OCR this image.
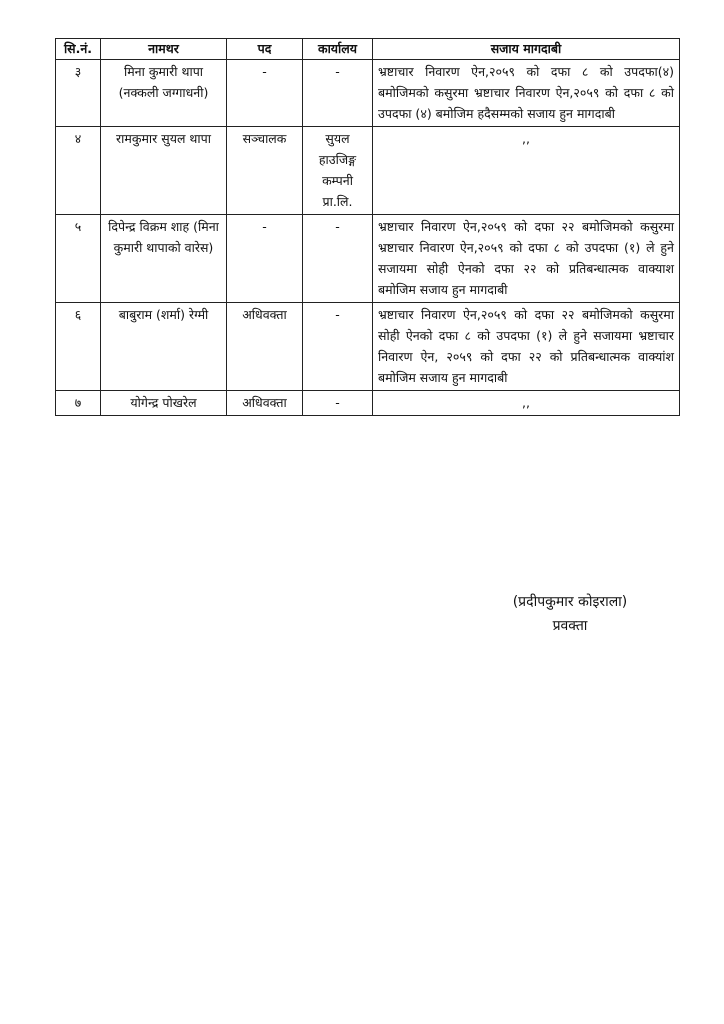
सि.नं.	नामथर	पद	कार्यालय	सजाय मागदाबी
३	मिना कुमारी थापा (नक्कली जग्गाधनी)	-	-	भ्रष्टाचार निवारण ऐन,२०५९ को दफा ८ को उपदफा(४) बमोजिमको कसुरमा भ्रष्टाचार निवारण ऐन,२०५९ को दफा ८ को उपदफा (४) बमोजिम हदैसम्मको सजाय हुन मागदाबी
४	रामकुमार सुयल थापा	सञ्चालक	सुयल हाउजिङ्ग कम्पनी प्रा.लि.	,,
५	दिपेन्द्र विक्रम शाह (मिना कुमारी थापाको वारेस)	-	-	भ्रष्टाचार निवारण ऐन,२०५९ को दफा २२ बमोजिमको कसुरमा भ्रष्टाचार निवारण ऐन,२०५९ को दफा ८ को उपदफा (१) ले हुने सजायमा सोही ऐनको दफा २२ को प्रतिबन्धात्मक वाक्याश बमोजिम सजाय हुन मागदाबी
६	बाबुराम (शर्मा) रेग्मी	अधिवक्ता	-	भ्रष्टाचार निवारण ऐन,२०५९ को दफा २२ बमोजिमको कसुरमा सोही ऐनको दफा ८ को उपदफा (१) ले हुने सजायमा भ्रष्टाचार निवारण ऐन, २०५९ को दफा २२ को प्रतिबन्धात्मक वाक्यांश बमोजिम सजाय हुन मागदाबी
७	योगेन्द्र पोखरेल	अधिवक्ता	-	,,
(प्रदीपकुमार कोइराला)
प्रवक्ता
